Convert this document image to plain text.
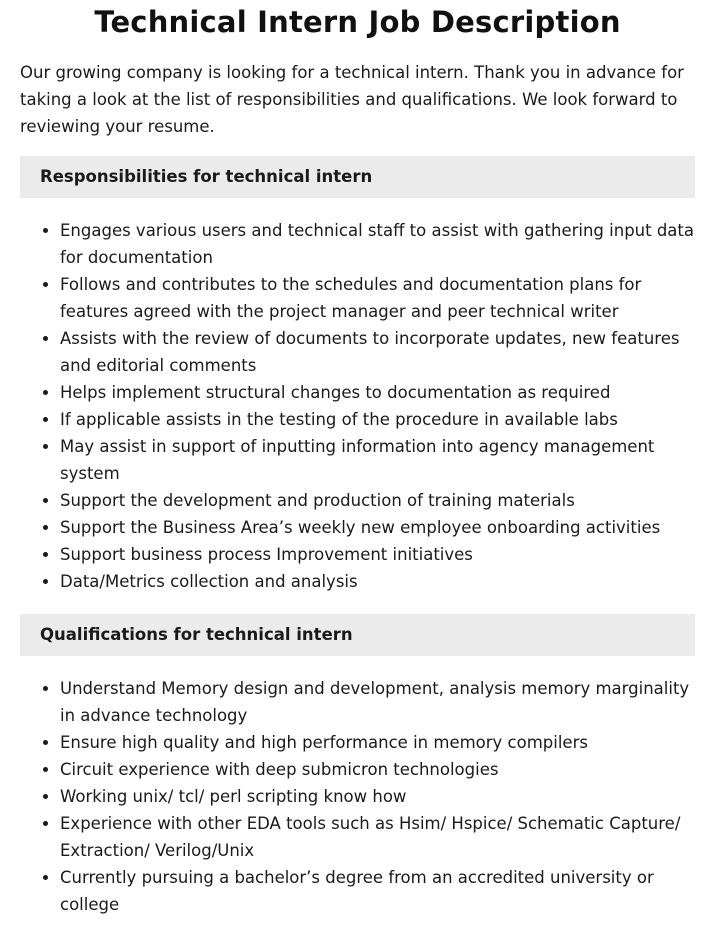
Technical Intern Job Description

Our growing company is looking for a technical intern. Thank you in advance for taking a look at the list of responsibilities and qualifications. We look forward to reviewing your resume.

Responsibilities for technical intern
• Engages various users and technical staff to assist with gathering input data for documentation
• Follows and contributes to the schedules and documentation plans for features agreed with the project manager and peer technical writer
• Assists with the review of documents to incorporate updates, new features and editorial comments
• Helps implement structural changes to documentation as required
• If applicable assists in the testing of the procedure in available labs
• May assist in support of inputting information into agency management system
• Support the development and production of training materials
• Support the Business Area’s weekly new employee onboarding activities
• Support business process Improvement initiatives
• Data/Metrics collection and analysis
Qualifications for technical intern
• Understand Memory design and development, analysis memory marginality in advance technology
• Ensure high quality and high performance in memory compilers
• Circuit experience with deep submicron technologies
• Working unix/ tcl/ perl scripting know how
• Experience with other EDA tools such as Hsim/ Hspice/ Schematic Capture/ Extraction/ Verilog/Unix
• Currently pursuing a bachelor’s degree from an accredited university or college
